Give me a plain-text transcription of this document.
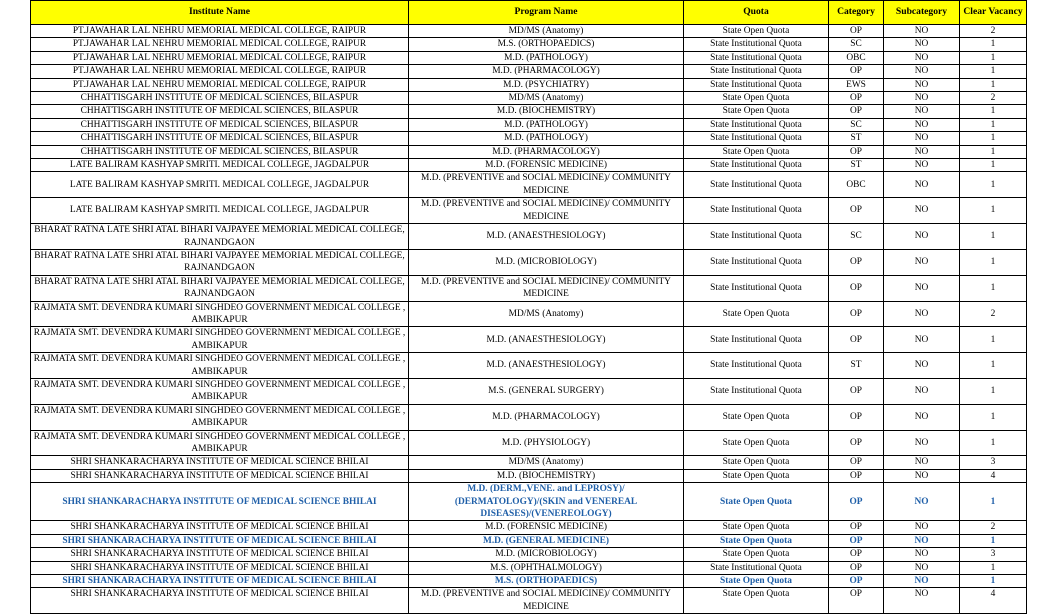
Institute Name	Program Name	Quota	Category	Subcategory	Clear Vacancy
PT.JAWAHAR LAL NEHRU MEMORIAL MEDICAL COLLEGE, RAIPUR	MD/MS (Anatomy)	State Open Quota	OP	NO	2
PT.JAWAHAR LAL NEHRU MEMORIAL MEDICAL COLLEGE, RAIPUR	M.S. (ORTHOPAEDICS)	State Institutional Quota	SC	NO	1
PT.JAWAHAR LAL NEHRU MEMORIAL MEDICAL COLLEGE, RAIPUR	M.D. (PATHOLOGY)	State Institutional Quota	OBC	NO	1
PT.JAWAHAR LAL NEHRU MEMORIAL MEDICAL COLLEGE, RAIPUR	M.D. (PHARMACOLOGY)	State Institutional Quota	OP	NO	1
PT.JAWAHAR LAL NEHRU MEMORIAL MEDICAL COLLEGE, RAIPUR	M.D. (PSYCHIATRY)	State Institutional Quota	EWS	NO	1
CHHATTISGARH INSTITUTE OF MEDICAL SCIENCES, BILASPUR	MD/MS (Anatomy)	State Open Quota	OP	NO	2
CHHATTISGARH INSTITUTE OF MEDICAL SCIENCES, BILASPUR	M.D. (BIOCHEMISTRY)	State Open Quota	OP	NO	1
CHHATTISGARH INSTITUTE OF MEDICAL SCIENCES, BILASPUR	M.D. (PATHOLOGY)	State Institutional Quota	SC	NO	1
CHHATTISGARH INSTITUTE OF MEDICAL SCIENCES, BILASPUR	M.D. (PATHOLOGY)	State Institutional Quota	ST	NO	1
CHHATTISGARH INSTITUTE OF MEDICAL SCIENCES, BILASPUR	M.D. (PHARMACOLOGY)	State Open Quota	OP	NO	1
LATE BALIRAM KASHYAP SMRITI. MEDICAL COLLEGE, JAGDALPUR	M.D. (FORENSIC MEDICINE)	State Institutional Quota	ST	NO	1
LATE BALIRAM KASHYAP SMRITI. MEDICAL COLLEGE, JAGDALPUR	M.D. (PREVENTIVE and SOCIAL MEDICINE)/ COMMUNITY MEDICINE	State Institutional Quota	OBC	NO	1
LATE BALIRAM KASHYAP SMRITI. MEDICAL COLLEGE, JAGDALPUR	M.D. (PREVENTIVE and SOCIAL MEDICINE)/ COMMUNITY MEDICINE	State Institutional Quota	OP	NO	1
BHARAT RATNA LATE SHRI ATAL BIHARI VAJPAYEE MEMORIAL MEDICAL COLLEGE, RAJNANDGAON	M.D. (ANAESTHESIOLOGY)	State Institutional Quota	SC	NO	1
BHARAT RATNA LATE SHRI ATAL BIHARI VAJPAYEE MEMORIAL MEDICAL COLLEGE, RAJNANDGAON	M.D. (MICROBIOLOGY)	State Institutional Quota	OP	NO	1
BHARAT RATNA LATE SHRI ATAL BIHARI VAJPAYEE MEMORIAL MEDICAL COLLEGE, RAJNANDGAON	M.D. (PREVENTIVE and SOCIAL MEDICINE)/ COMMUNITY MEDICINE	State Institutional Quota	OP	NO	1
RAJMATA SMT. DEVENDRA KUMARI SINGHDEO GOVERNMENT MEDICAL COLLEGE , AMBIKAPUR	MD/MS (Anatomy)	State Open Quota	OP	NO	2
RAJMATA SMT. DEVENDRA KUMARI SINGHDEO GOVERNMENT MEDICAL COLLEGE , AMBIKAPUR	M.D. (ANAESTHESIOLOGY)	State Institutional Quota	OP	NO	1
RAJMATA SMT. DEVENDRA KUMARI SINGHDEO GOVERNMENT MEDICAL COLLEGE , AMBIKAPUR	M.D. (ANAESTHESIOLOGY)	State Institutional Quota	ST	NO	1
RAJMATA SMT. DEVENDRA KUMARI SINGHDEO GOVERNMENT MEDICAL COLLEGE , AMBIKAPUR	M.S. (GENERAL SURGERY)	State Institutional Quota	OP	NO	1
RAJMATA SMT. DEVENDRA KUMARI SINGHDEO GOVERNMENT MEDICAL COLLEGE , AMBIKAPUR	M.D. (PHARMACOLOGY)	State Open Quota	OP	NO	1
RAJMATA SMT. DEVENDRA KUMARI SINGHDEO GOVERNMENT MEDICAL COLLEGE , AMBIKAPUR	M.D. (PHYSIOLOGY)	State Open Quota	OP	NO	1
SHRI SHANKARACHARYA INSTITUTE OF MEDICAL SCIENCE BHILAI	MD/MS (Anatomy)	State Open Quota	OP	NO	3
SHRI SHANKARACHARYA INSTITUTE OF MEDICAL SCIENCE BHILAI	M.D. (BIOCHEMISTRY)	State Open Quota	OP	NO	4
SHRI SHANKARACHARYA INSTITUTE OF MEDICAL SCIENCE BHILAI	M.D. (DERM.,VENE. and LEPROSY)/ (DERMATOLOGY)/(SKIN and VENEREAL DISEASES)/(VENEREOLOGY)	State Open Quota	OP	NO	1
SHRI SHANKARACHARYA INSTITUTE OF MEDICAL SCIENCE BHILAI	M.D. (FORENSIC MEDICINE)	State Open Quota	OP	NO	2
SHRI SHANKARACHARYA INSTITUTE OF MEDICAL SCIENCE BHILAI	M.D. (GENERAL MEDICINE)	State Open Quota	OP	NO	1
SHRI SHANKARACHARYA INSTITUTE OF MEDICAL SCIENCE BHILAI	M.D. (MICROBIOLOGY)	State Open Quota	OP	NO	3
SHRI SHANKARACHARYA INSTITUTE OF MEDICAL SCIENCE BHILAI	M.S. (OPHTHALMOLOGY)	State Institutional Quota	OP	NO	1
SHRI SHANKARACHARYA INSTITUTE OF MEDICAL SCIENCE BHILAI	M.S. (ORTHOPAEDICS)	State Open Quota	OP	NO	1
SHRI SHANKARACHARYA INSTITUTE OF MEDICAL SCIENCE BHILAI	M.D. (PREVENTIVE and SOCIAL MEDICINE)/ COMMUNITY MEDICINE	State Open Quota	OP	NO	4
